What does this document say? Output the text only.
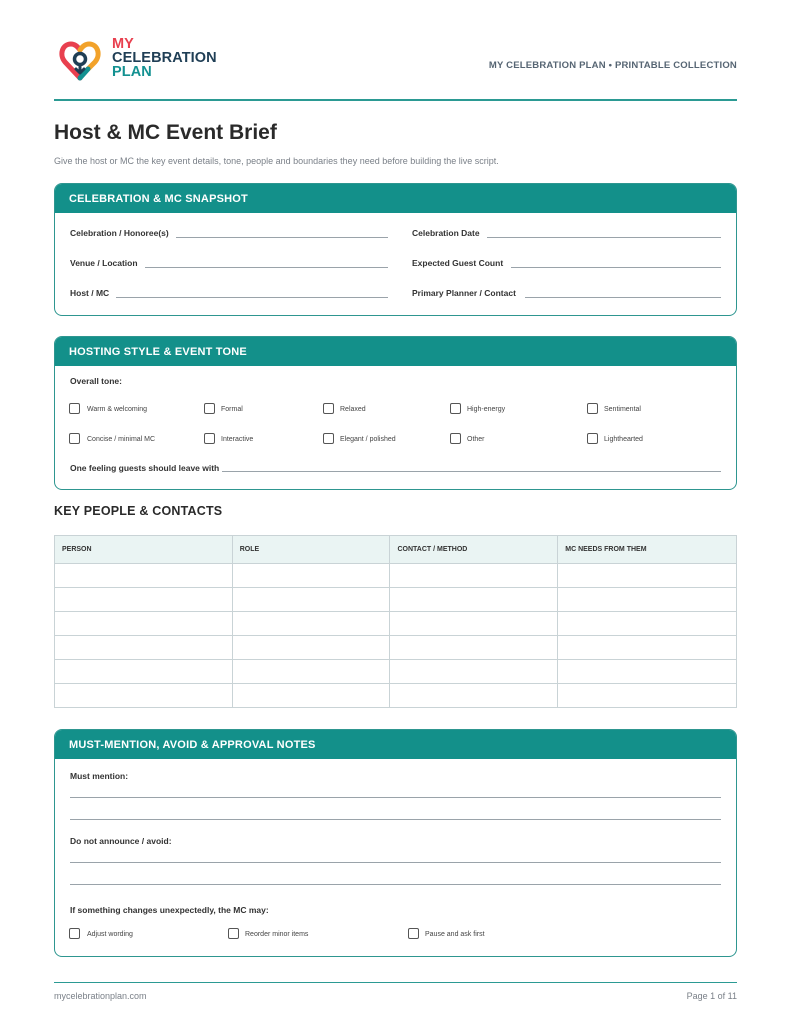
MY
CELEBRATION
PLAN	MY CELEBRATION PLAN • PRINTABLE COLLECTION
Host & MC Event Brief
Give the host or MC the key event details, tone, people and boundaries they need before building the live script.
CELEBRATION & MC SNAPSHOT
Celebration / Honoree(s)	Celebration Date
Venue / Location	Expected Guest Count
Host / MC	Primary Planner / Contact
HOSTING STYLE & EVENT TONE
Overall tone:
Warm & welcoming	Formal	Relaxed	High-energy	Sentimental
Concise / minimal MC	Interactive	Elegant / polished	Other	Lighthearted
One feeling guests should leave with
KEY PEOPLE & CONTACTS
PERSON	ROLE	CONTACT / METHOD	MC NEEDS FROM THEM

MUST-MENTION, AVOID & APPROVAL NOTES
Must mention:
Do not announce / avoid:
If something changes unexpectedly, the MC may:
Adjust wording	Reorder minor items	Pause and ask first
mycelebrationplan.com	Page 1 of 11
